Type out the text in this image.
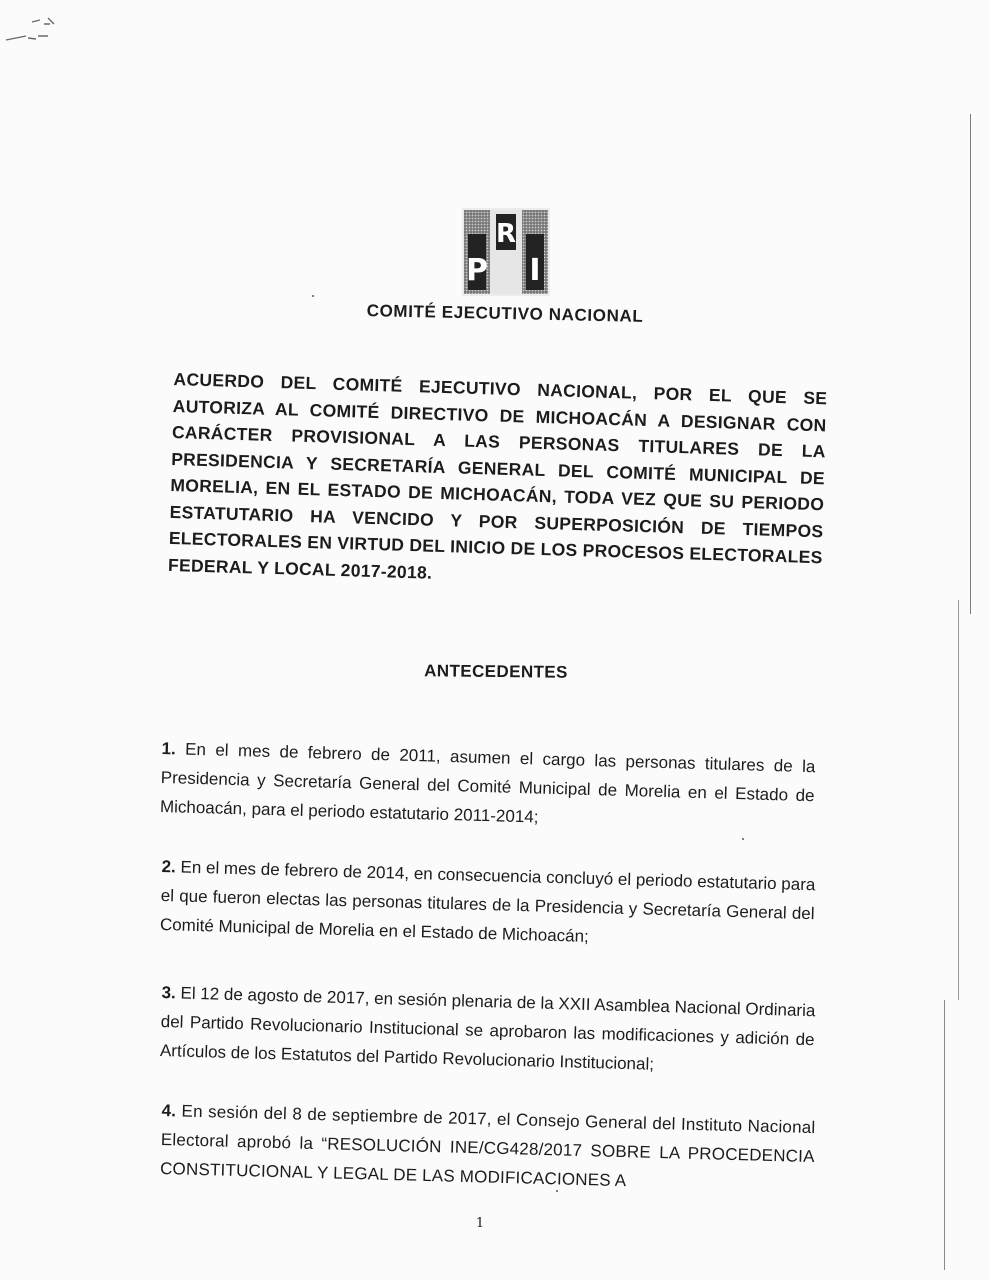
P
R
I
COMITÉ EJECUTIVO NACIONAL
ACUERDO DEL COMITÉ EJECUTIVO NACIONAL, POR EL QUE SE AUTORIZA AL COMITÉ DIRECTIVO DE MICHOACÁN A DESIGNAR CON CARÁCTER PROVISIONAL A LAS PERSONAS TITULARES DE LA PRESIDENCIA Y SECRETARÍA GENERAL DEL COMITÉ MUNICIPAL DE MORELIA, EN EL ESTADO DE MICHOACÁN, TODA VEZ QUE SU PERIODO ESTATUTARIO HA VENCIDO Y POR SUPERPOSICIÓN DE TIEMPOS ELECTORALES EN VIRTUD DEL INICIO DE LOS PROCESOS ELECTORALES FEDERAL Y LOCAL 2017-2018.
ANTECEDENTES
1. En el mes de febrero de 2011, asumen el cargo las personas titulares de la Presidencia y Secretaría General del Comité Municipal de Morelia en el Estado de Michoacán, para el periodo estatutario 2011-2014;
2. En el mes de febrero de 2014, en consecuencia concluyó el periodo estatutario para el que fueron electas las personas titulares de la Presidencia y Secretaría General del Comité Municipal de Morelia en el Estado de Michoacán;
3. El 12 de agosto de 2017, en sesión plenaria de la XXII Asamblea Nacional Ordinaria del Partido Revolucionario Institucional se aprobaron las modificaciones y adición de Artículos de los Estatutos del Partido Revolucionario Institucional;
4. En sesión del 8 de septiembre de 2017, el Consejo General del Instituto Nacional Electoral aprobó la “RESOLUCIÓN INE/CG428/2017 SOBRE LA PROCEDENCIA CONSTITUCIONAL Y LEGAL DE LAS MODIFICACIONES A
1
